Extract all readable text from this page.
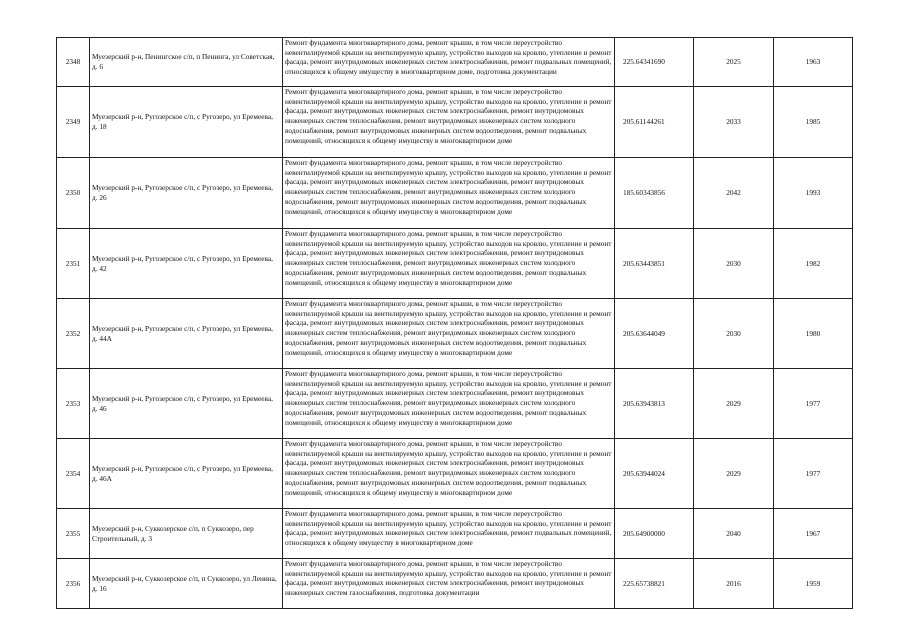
2348	Муезерский р-н, Пенингское с/п, п Пенинга, ул Советская, д. 6	Ремонт фундамента многоквартирного дома, ремонт крыши, в том числе переустройство невентилируемой крыши на вентилируемую крышу, устройство выходов на кровлю, утепление и ремонт фасада, ремонт внутридомовых инженерных систем электроснабжения, ремонт подвальных помещений, относящихся к общему имуществу в многоквартирном доме, подготовка документации	225.64341690	2025	1963
2349	Муезерский р-н, Ругозерское с/п, с Ругозеро, ул Еремеева, д. 18	Ремонт фундамента многоквартирного дома, ремонт крыши, в том числе переустройство невентилируемой крыши на вентилируемую крышу, устройство выходов на кровлю, утепление и ремонт фасада, ремонт внутридомовых инженерных систем электроснабжения, ремонт внутридомовых инженерных систем теплоснабжения, ремонт внутридомовых инженерных систем холодного водоснабжения, ремонт внутридомовых инженерных систем водоотведения, ремонт подвальных помещений, относящихся к общему имуществу в многоквартирном доме	205.61144261	2033	1985
2350	Муезерский р-н, Ругозерское с/п, с Ругозеро, ул Еремеева, д. 26	Ремонт фундамента многоквартирного дома, ремонт крыши, в том числе переустройство невентилируемой крыши на вентилируемую крышу, устройство выходов на кровлю, утепление и ремонт фасада, ремонт внутридомовых инженерных систем электроснабжения, ремонт внутридомовых инженерных систем теплоснабжения, ремонт внутридомовых инженерных систем холодного водоснабжения, ремонт внутридомовых инженерных систем водоотведения, ремонт подвальных помещений, относящихся к общему имуществу в многоквартирном доме	185.60343856	2042	1993
2351	Муезерский р-н, Ругозерское с/п, с Ругозеро, ул Еремеева, д. 42	Ремонт фундамента многоквартирного дома, ремонт крыши, в том числе переустройство невентилируемой крыши на вентилируемую крышу, устройство выходов на кровлю, утепление и ремонт фасада, ремонт внутридомовых инженерных систем электроснабжения, ремонт внутридомовых инженерных систем теплоснабжения, ремонт внутридомовых инженерных систем холодного водоснабжения, ремонт внутридомовых инженерных систем водоотведения, ремонт подвальных помещений, относящихся к общему имуществу в многоквартирном доме	205.63443851	2030	1982
2352	Муезерский р-н, Ругозерское с/п, с Ругозеро, ул Еремеева, д. 44А	Ремонт фундамента многоквартирного дома, ремонт крыши, в том числе переустройство невентилируемой крыши на вентилируемую крышу, устройство выходов на кровлю, утепление и ремонт фасада, ремонт внутридомовых инженерных систем электроснабжения, ремонт внутридомовых инженерных систем теплоснабжения, ремонт внутридомовых инженерных систем холодного водоснабжения, ремонт внутридомовых инженерных систем водоотведения, ремонт подвальных помещений, относящихся к общему имуществу в многоквартирном доме	205.63644049	2030	1980
2353	Муезерский р-н, Ругозерское с/п, с Ругозеро, ул Еремеева, д. 46	Ремонт фундамента многоквартирного дома, ремонт крыши, в том числе переустройство невентилируемой крыши на вентилируемую крышу, устройство выходов на кровлю, утепление и ремонт фасада, ремонт внутридомовых инженерных систем электроснабжения, ремонт внутридомовых инженерных систем теплоснабжения, ремонт внутридомовых инженерных систем холодного водоснабжения, ремонт внутридомовых инженерных систем водоотведения, ремонт подвальных помещений, относящихся к общему имуществу в многоквартирном доме	205.63943813	2029	1977
2354	Муезерский р-н, Ругозерское с/п, с Ругозеро, ул Еремеева, д. 46А	Ремонт фундамента многоквартирного дома, ремонт крыши, в том числе переустройство невентилируемой крыши на вентилируемую крышу, устройство выходов на кровлю, утепление и ремонт фасада, ремонт внутридомовых инженерных систем электроснабжения, ремонт внутридомовых инженерных систем теплоснабжения, ремонт внутридомовых инженерных систем холодного водоснабжения, ремонт внутридомовых инженерных систем водоотведения, ремонт подвальных помещений, относящихся к общему имуществу в многоквартирном доме	205.63944024	2029	1977
2355	Муезерский р-н, Суккозерское с/п, п Суккозеро, пер Строительный, д. 3	Ремонт фундамента многоквартирного дома, ремонт крыши, в том числе переустройство невентилируемой крыши на вентилируемую крышу, устройство выходов на кровлю, утепление и ремонт фасада, ремонт внутридомовых инженерных систем электроснабжения, ремонт подвальных помещений, относящихся к общему имуществу в многоквартирном доме	205.64900000	2040	1967
2356	Муезерский р-н, Суккозерское с/п, п Суккозеро, ул Ленина, д. 16	Ремонт фундамента многоквартирного дома, ремонт крыши, в том числе переустройство невентилируемой крыши на вентилируемую крышу, устройство выходов на кровлю, утепление и ремонт фасада, ремонт внутридомовых инженерных систем электроснабжения, ремонт внутридомовых инженерных систем газоснабжения, подготовка документации	225.65738821	2016	1959
